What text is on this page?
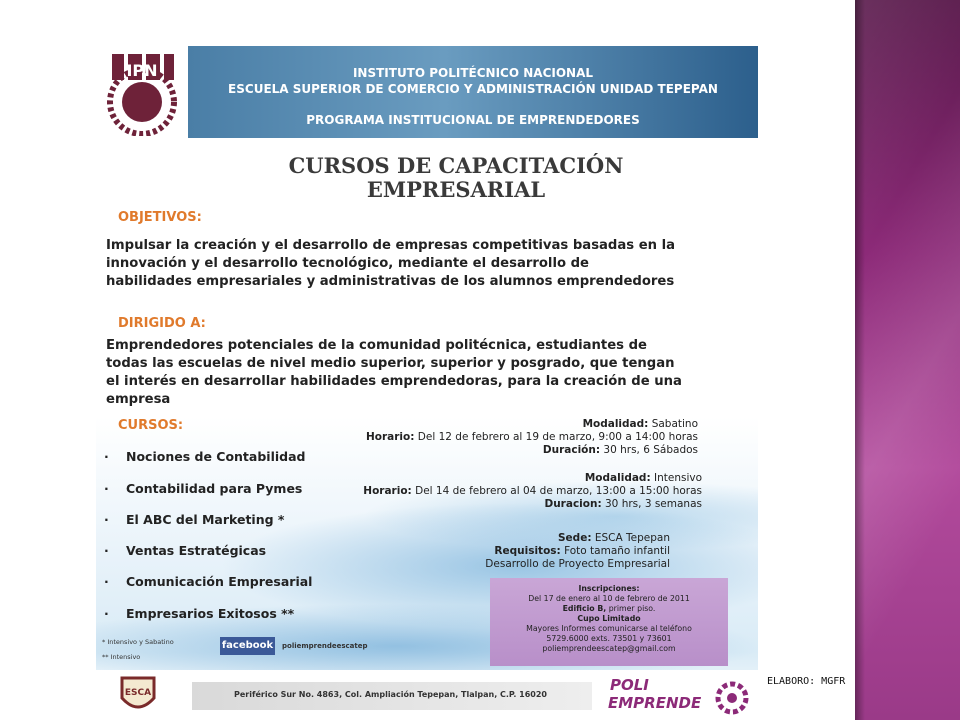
IPN	INSTITUTO POLITÉCNICO NACIONAL
ESCUELA SUPERIOR DE COMERCIO Y ADMINISTRACIÓN UNIDAD TEPEPAN
PROGRAMA INSTITUCIONAL DE EMPRENDEDORES
CURSOS DE CAPACITACIÓN
EMPRESARIAL
OBJETIVOS:
Impulsar la creación y el desarrollo de empresas competitivas basadas en la
innovación y el desarrollo tecnológico, mediante el desarrollo de
habilidades empresariales y administrativas de los alumnos emprendedores
DIRIGIDO A:
Emprendedores potenciales de la comunidad politécnica, estudiantes de
todas las escuelas de nivel medio superior, superior y posgrado, que tengan
el interés en desarrollar habilidades emprendedoras, para la creación de una
empresa
CURSOS:
· Nociones de Contabilidad
· Contabilidad para Pymes
· El ABC del Marketing *
· Ventas Estratégicas
· Comunicación Empresarial
· Empresarios Exitosos **
Modalidad: Sabatino
Horario: Del 12 de febrero al 19 de marzo, 9:00 a 14:00 horas
Duración: 30 hrs, 6 Sábados
Modalidad: Intensivo
Horario: Del 14 de febrero al 04 de marzo, 13:00 a 15:00 horas
Duracion: 30 hrs, 3 semanas
Sede: ESCA Tepepan
Requisitos: Foto tamaño infantil
Desarrollo de Proyecto Empresarial
Inscripciones:
Del 17 de enero al 10 de febrero de 2011
Edificio B, primer piso.
Cupo Limitado
Mayores Informes comunicarse al teléfono
5729.6000 exts. 73501 y 73601
poliemprendeescatep@gmail.com
* Intensivo y Sabatino
** Intensivo
facebook poliemprendeescatep
ESCA	Periférico Sur No. 4863, Col. Ampliación Tepepan, Tlalpan, C.P. 16020
POLI
EMPRENDE
ELABORO: MGFR
